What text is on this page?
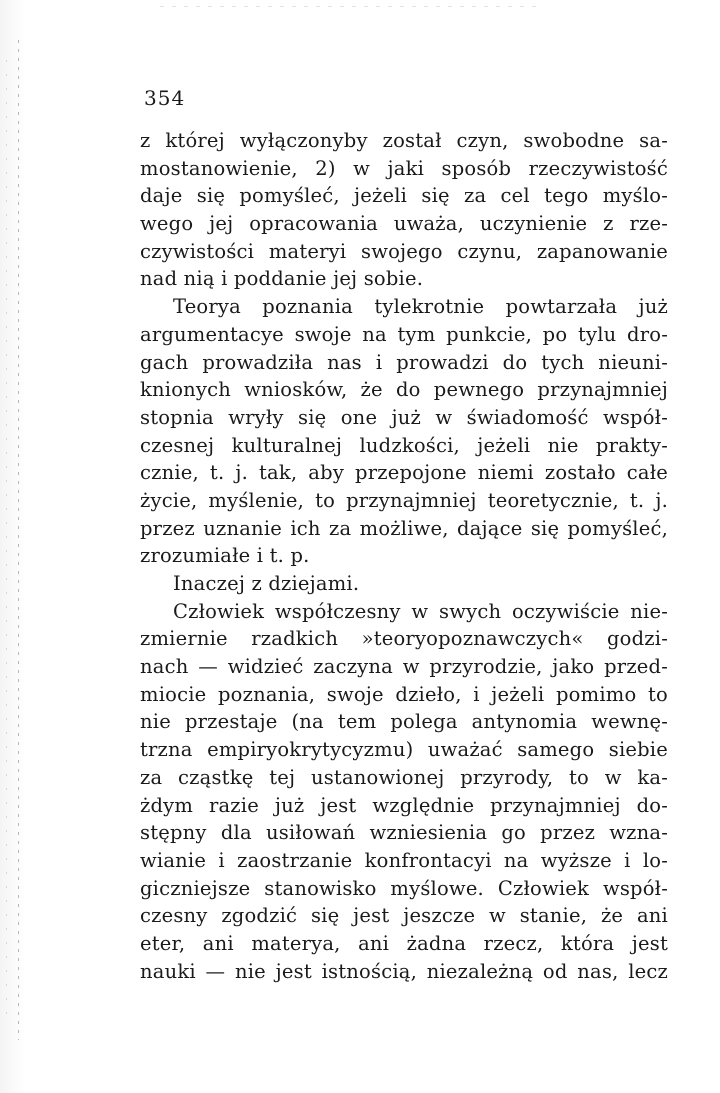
354
z której wyłączonyby został czyn, swobodne sa-
mostanowienie, 2) w jaki sposób rzeczywistość
daje się pomyśleć, jeżeli się za cel tego myślo-
wego jej opracowania uważa, uczynienie z rze-
czywistości materyi swojego czynu, zapanowanie
nad nią i poddanie jej sobie.
Teorya poznania tylekrotnie powtarzała już
argumentacye swoje na tym punkcie, po tylu dro-
gach prowadziła nas i prowadzi do tych nieuni-
knionych wniosków, że do pewnego przynajmniej
stopnia wryły się one już w świadomość współ-
czesnej kulturalnej ludzkości, jeżeli nie prakty-
cznie, t. j. tak, aby przepojone niemi zostało całe
życie, myślenie, to przynajmniej teoretycznie, t. j.
przez uznanie ich za możliwe, dające się pomyśleć,
zrozumiałe i t. p.
Inaczej z dziejami.
Człowiek współczesny w swych oczywiście nie-
zmiernie rzadkich »teoryopoznawczych« godzi-
nach — widzieć zaczyna w przyrodzie, jako przed-
miocie poznania, swoje dzieło, i jeżeli pomimo to
nie przestaje (na tem polega antynomia wewnę-
trzna empiryokrytycyzmu) uważać samego siebie
za cząstkę tej ustanowionej przyrody, to w ka-
żdym razie już jest względnie przynajmniej do-
stępny dla usiłowań wzniesienia go przez wzna-
wianie i zaostrzanie konfrontacyi na wyższe i lo-
giczniejsze stanowisko myślowe. Człowiek współ-
czesny zgodzić się jest jeszcze w stanie, że ani
eter, ani materya, ani żadna rzecz, która jest
nauki — nie jest istnością, niezależną od nas, lecz
